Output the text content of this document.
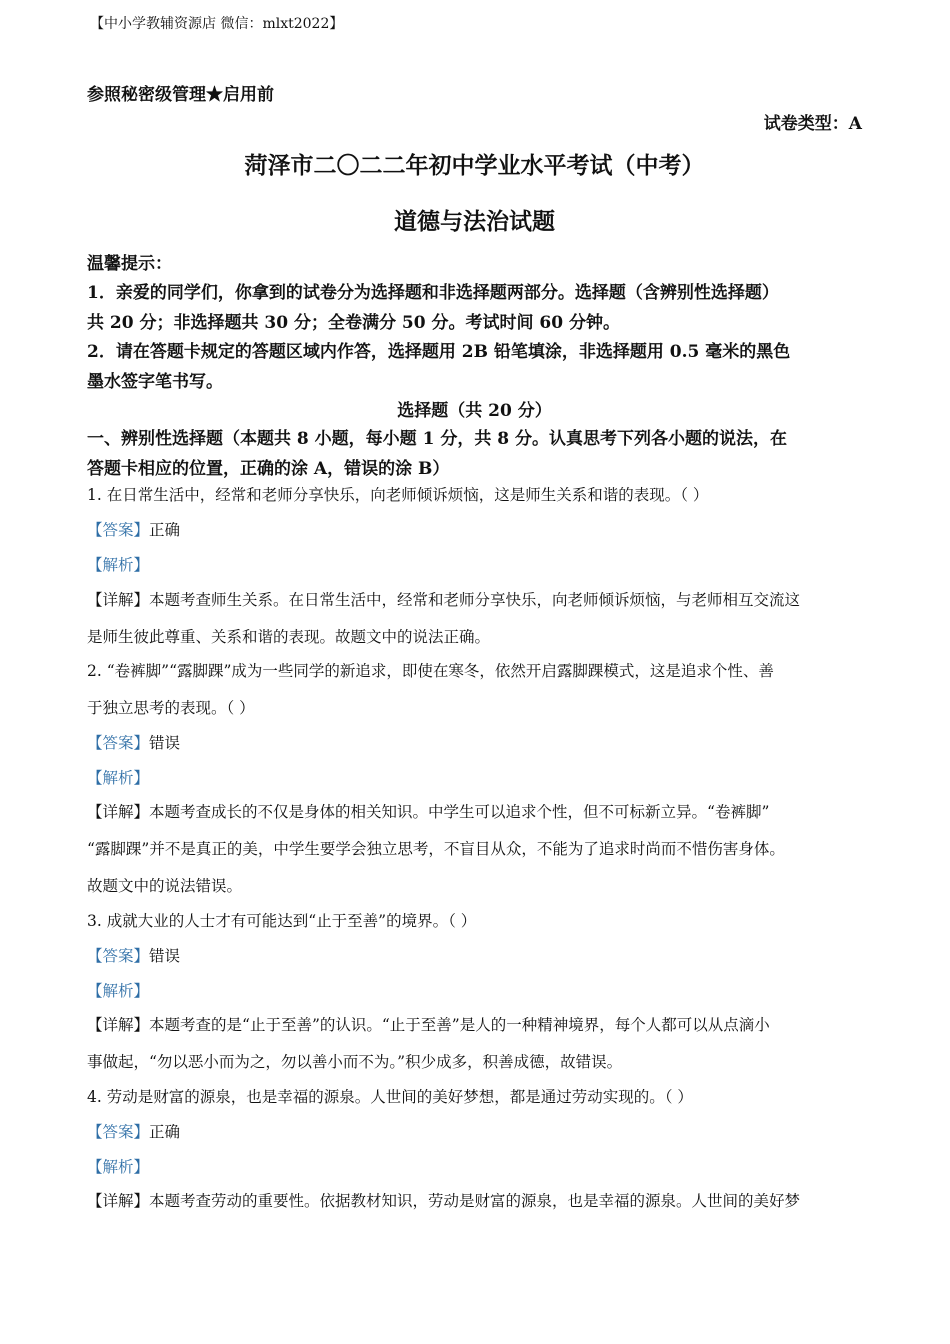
【中小学教辅资源店 微信：mlxt2022】
参照秘密级管理★启用前
试卷类型：A
菏泽市二〇二二年初中学业水平考试（中考）
道德与法治试题
温馨提示：
1．亲爱的同学们，你拿到的试卷分为选择题和非选择题两部分。选择题（含辨别性选择题）
共 20 分；非选择题共 30 分；全卷满分 50 分。考试时间 60 分钟。
2．请在答题卡规定的答题区域内作答，选择题用 2B 铅笔填涂，非选择题用 0.5 毫米的黑色
墨水签字笔书写。
选择题（共 20 分）
一、辨别性选择题（本题共 8 小题，每小题 1 分，共 8 分。认真思考下列各小题的说法，在
答题卡相应的位置，正确的涂 A，错误的涂 B）
1. 在日常生活中，经常和老师分享快乐，向老师倾诉烦恼，这是师生关系和谐的表现。（ ）
【答案】正确
【解析】
【详解】本题考查师生关系。在日常生活中，经常和老师分享快乐，向老师倾诉烦恼，与老师相互交流这
是师生彼此尊重、关系和谐的表现。故题文中的说法正确。
2. “卷裤脚”“露脚踝”成为一些同学的新追求，即使在寒冬，依然开启露脚踝模式，这是追求个性、善
于独立思考的表现。（ ）
【答案】错误
【解析】
【详解】本题考查成长的不仅是身体的相关知识。中学生可以追求个性，但不可标新立异。“卷裤脚”
“露脚踝”并不是真正的美，中学生要学会独立思考，不盲目从众，不能为了追求时尚而不惜伤害身体。
故题文中的说法错误。
3. 成就大业的人士才有可能达到“止于至善”的境界。（ ）
【答案】错误
【解析】
【详解】本题考查的是“止于至善”的认识。“止于至善”是人的一种精神境界，每个人都可以从点滴小
事做起，“勿以恶小而为之，勿以善小而不为。”积少成多，积善成德，故错误。
4. 劳动是财富的源泉，也是幸福的源泉。人世间的美好梦想，都是通过劳动实现的。（ ）
【答案】正确
【解析】
【详解】本题考查劳动的重要性。依据教材知识，劳动是财富的源泉，也是幸福的源泉。人世间的美好梦
